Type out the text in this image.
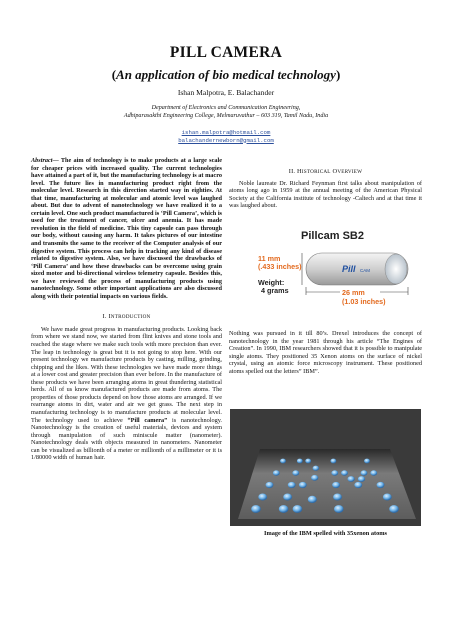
PILL CAMERA
(An application of bio medical technology)
Ishan Malpotra, E. Balachander
Department of Electronics and Communication Engineering,
Adhiparasakthi Engineering College, Melmaruvathur – 603 319, Tamil Nadu, India
ishan.malpotra@hotmail.com
balachandernewborn@gmail.com

Abstract— The aim of technology is to make products at a large scale for cheaper prices with increased quality. The current technologies have attained a part of it, but the manufacturing technology is at macro level. The future lies in manufacturing product right from the molecular level. Research in this direction started way in eighties. At that time, manufacturing at molecular and atomic level was laughed about. But due to advent of nanotechnology we have realized it to a certain level. One such product manufactured is ‘Pill Camera’, which is used for the treatment of cancer, ulcer and anemia. It has made revolution in the field of medicine. This tiny capsule can pass through our body, without causing any harm. It takes pictures of our intestine and transmits the same to the receiver of the Computer analysis of our digestive system. This process can help in tracking any kind of disease related to digestive system. Also, we have discussed the drawbacks of ‘Pill Camera’ and how these drawbacks can be overcome using grain sized motor and bi-directional wireless telemetry capsule. Besides this, we have reviewed the process of manufacturing products using nanotechnology. Some other important applications are also discussed along with their potential impacts on various fields.

I. INTRODUCTION

We have made great progress in manufacturing products. Looking back from where we stand now, we started from flint knives and stone tools and reached the stage where we make such tools with more precision than ever. The leap in technology is great but it is not going to stop here. With our present technology we manufacture products by casting, milling, grinding, chipping and the likes. With these technologies we have made more things at a lower cost and greater precision than ever before. In the manufacture of these products we have been arranging atoms in great thundering statistical herds. All of us know manufactured products are made from atoms. The properties of those products depend on how those atoms are arranged. If we rearrange atoms in dirt, water and air we get grass. The next step in manufacturing technology is to manufacture products at molecular level. The technology used to achieve “Pill camera” is nanotechnology. Nanotechnology is the creation of useful materials, devices and system through manipulation of such miniscule matter (nanometer). Nanotechnology deals with objects measured in nanometers. Nanometer can be visualized as billionth of a meter or millionth of a millimeter or it is 1/80000 width of human hair.

II. HISTORICAL OVERVIEW

Noble laureate Dr. Richard Feynman first talks about manipulation of atoms long ago in 1959 at the annual meeting of the American Physical Society at the California institute of technology -Caltech and at that time it was laughed about.

Pillcam SB2
Pill CAM
11 mm
(.433 inches)
Weight:
4 grams	26 mm
(1.03 inches)

Nothing was pursued in it till 80’s. Drexel introduces the concept of nanotechnology in the year 1981 through his article “The Engines of Creation”. In 1990, IBM researchers showed that it is possible to manipulate single atoms. They positioned 35 Xenon atoms on the surface of nickel crystal, using an atomic force microscopy instrument. These positioned atoms spelled out the letters” IBM”.

Image of the IBM spelled with 35xenon atoms
